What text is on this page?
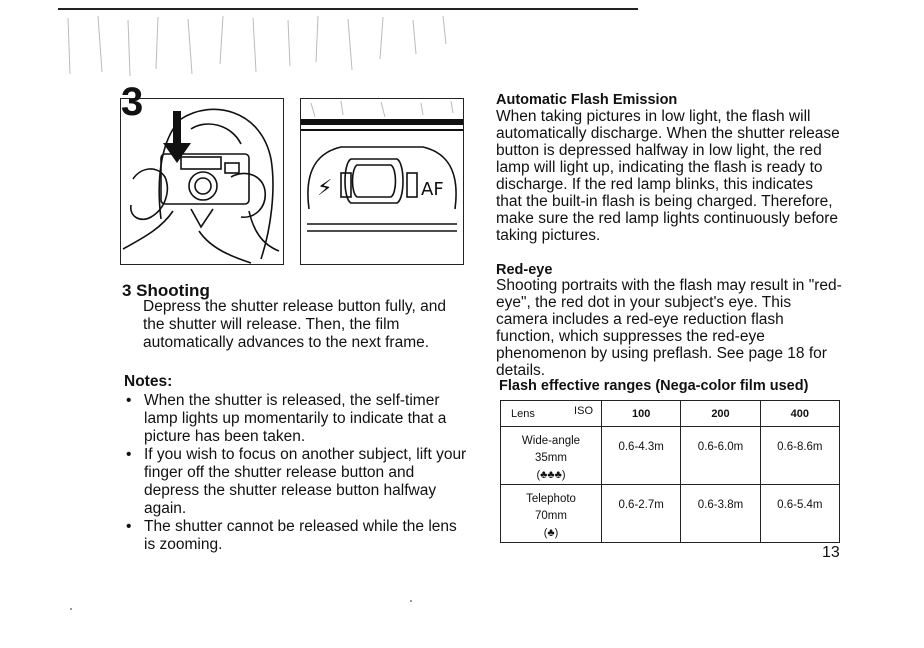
3
⚡	AF
3 Shooting
Depress the shutter release button fully, and the shutter will release. Then, the film automatically advances to the next frame.
Notes:
• When the shutter is released, the self-timer lamp lights up momentarily to indicate that a picture has been taken.
• If you wish to focus on another subject, lift your finger off the shutter release button and depress the shutter release button halfway again.
• The shutter cannot be released while the lens is zooming.
Automatic Flash Emission
When taking pictures in low light, the flash will automatically discharge. When the shutter release button is depressed halfway in low light, the red lamp will light up, indicating the flash is ready to discharge. If the red lamp blinks, this indicates that the built-in flash is being charged. Therefore, make sure the red lamp lights continuously before taking pictures.
Red-eye
Shooting portraits with the flash may result in "red-eye", the red dot in your subject's eye. This camera includes a red-eye reduction flash function, which suppresses the red-eye phenomenon by using preflash. See page 18 for details.
Flash effective ranges (Nega-color film used)
Lens ISO	100	200	400

Wide-angle
35mm
(♣♣♣)	0.6-4.3m	0.6-6.0m	0.6-8.6m

Telephoto
70mm
(♣)	0.6-2.7m	0.6-3.8m	0.6-5.4m
13
